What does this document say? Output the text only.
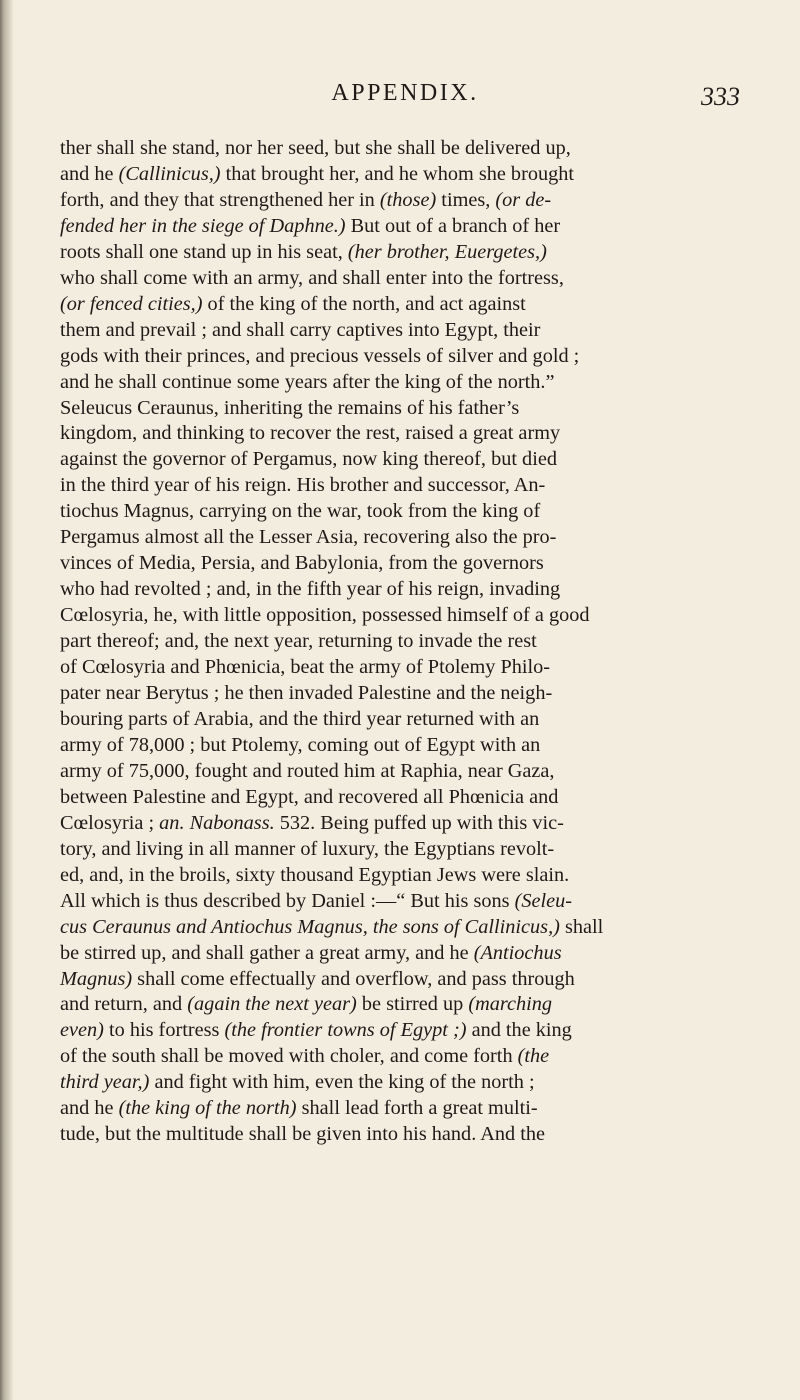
APPENDIX.	333
ther shall she stand, nor her seed, but she shall be delivered up,
and he (Callinicus,) that brought her, and he whom she brought
forth, and they that strengthened her in (those) times, (or de-
fended her in the siege of Daphne.) But out of a branch of her
roots shall one stand up in his seat, (her brother, Euergetes,)
who shall come with an army, and shall enter into the fortress,
(or fenced cities,) of the king of the north, and act against
them and prevail ; and shall carry captives into Egypt, their
gods with their princes, and precious vessels of silver and gold ;
and he shall continue some years after the king of the north.”
Seleucus Ceraunus, inheriting the remains of his father’s
kingdom, and thinking to recover the rest, raised a great army
against the governor of Pergamus, now king thereof, but died
in the third year of his reign. His brother and successor, An-
tiochus Magnus, carrying on the war, took from the king of
Pergamus almost all the Lesser Asia, recovering also the pro-
vinces of Media, Persia, and Babylonia, from the governors
who had revolted ; and, in the fifth year of his reign, invading
Cœlosyria, he, with little opposition, possessed himself of a good
part thereof; and, the next year, returning to invade the rest
of Cœlosyria and Phœnicia, beat the army of Ptolemy Philo-
pater near Berytus ; he then invaded Palestine and the neigh-
bouring parts of Arabia, and the third year returned with an
army of 78,000 ; but Ptolemy, coming out of Egypt with an
army of 75,000, fought and routed him at Raphia, near Gaza,
between Palestine and Egypt, and recovered all Phœnicia and
Cœlosyria ; an. Nabonass. 532. Being puffed up with this vic-
tory, and living in all manner of luxury, the Egyptians revolt-
ed, and, in the broils, sixty thousand Egyptian Jews were slain.
All which is thus described by Daniel :—“ But his sons (Seleu-
cus Ceraunus and Antiochus Magnus, the sons of Callinicus,) shall
be stirred up, and shall gather a great army, and he (Antiochus
Magnus) shall come effectually and overflow, and pass through
and return, and (again the next year) be stirred up (marching
even) to his fortress (the frontier towns of Egypt ;) and the king
of the south shall be moved with choler, and come forth (the
third year,) and fight with him, even the king of the north ;
and he (the king of the north) shall lead forth a great multi-
tude, but the multitude shall be given into his hand. And the
